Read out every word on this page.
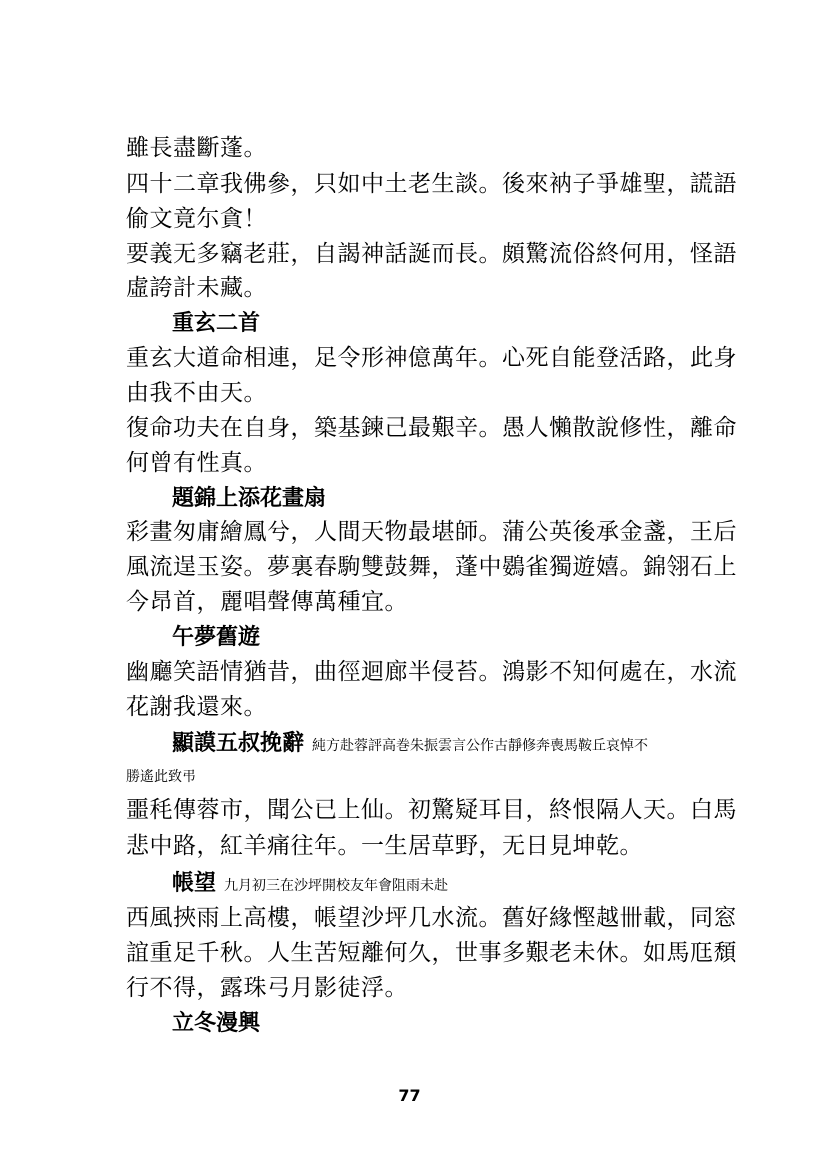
雖長盡斷蓬。
四十二章我佛參，只如中土老生談。後來衲子爭雄聖，謊語
偷文竟尓貪！
要義无多竊老莊，自謁神話誕而長。頗驚流俗終何用，怪語
虛誇計未藏。
重玄二首
重玄大道命相連，足令形神億萬年。心死自能登活路，此身
由我不由天。
復命功夫在自身，築基鍊己最艱辛。愚人懶散說修性，離命
何曾有性真。
題錦上添花畫扇
彩畫匆庸繪鳳兮，人間天物最堪師。蒲公英後承金盞，王后
風流逞玉姿。夢裏春駒雙鼓舞，蓬中鷃雀獨遊嬉。錦翎石上
今昂首，麗唱聲傳萬種宜。
午夢舊遊
幽廳笑語情猶昔，曲徑迴廊半侵苔。鴻影不知何處在，水流
花謝我還來。
顯謨五叔挽辭 純方赴蓉評高巻朱振雲言公作古靜修奔喪馬鞍丘哀悼不
勝遙此致弔
噩秏傳蓉市，聞公已上仙。初驚疑耳目，終恨隔人天。白馬
悲中路，紅羊痛往年。一生居草野，无日見坤乾。
帳望 九月初三在沙坪開校友年會阻雨未赴
西風挾雨上高樓，帳望沙坪几水流。舊好緣慳越卌載，同窓
誼重足千秋。人生苦短離何久，世事多艱老未休。如馬尫頹
行不得，露珠弓月影徒浮。
立冬漫興
77
